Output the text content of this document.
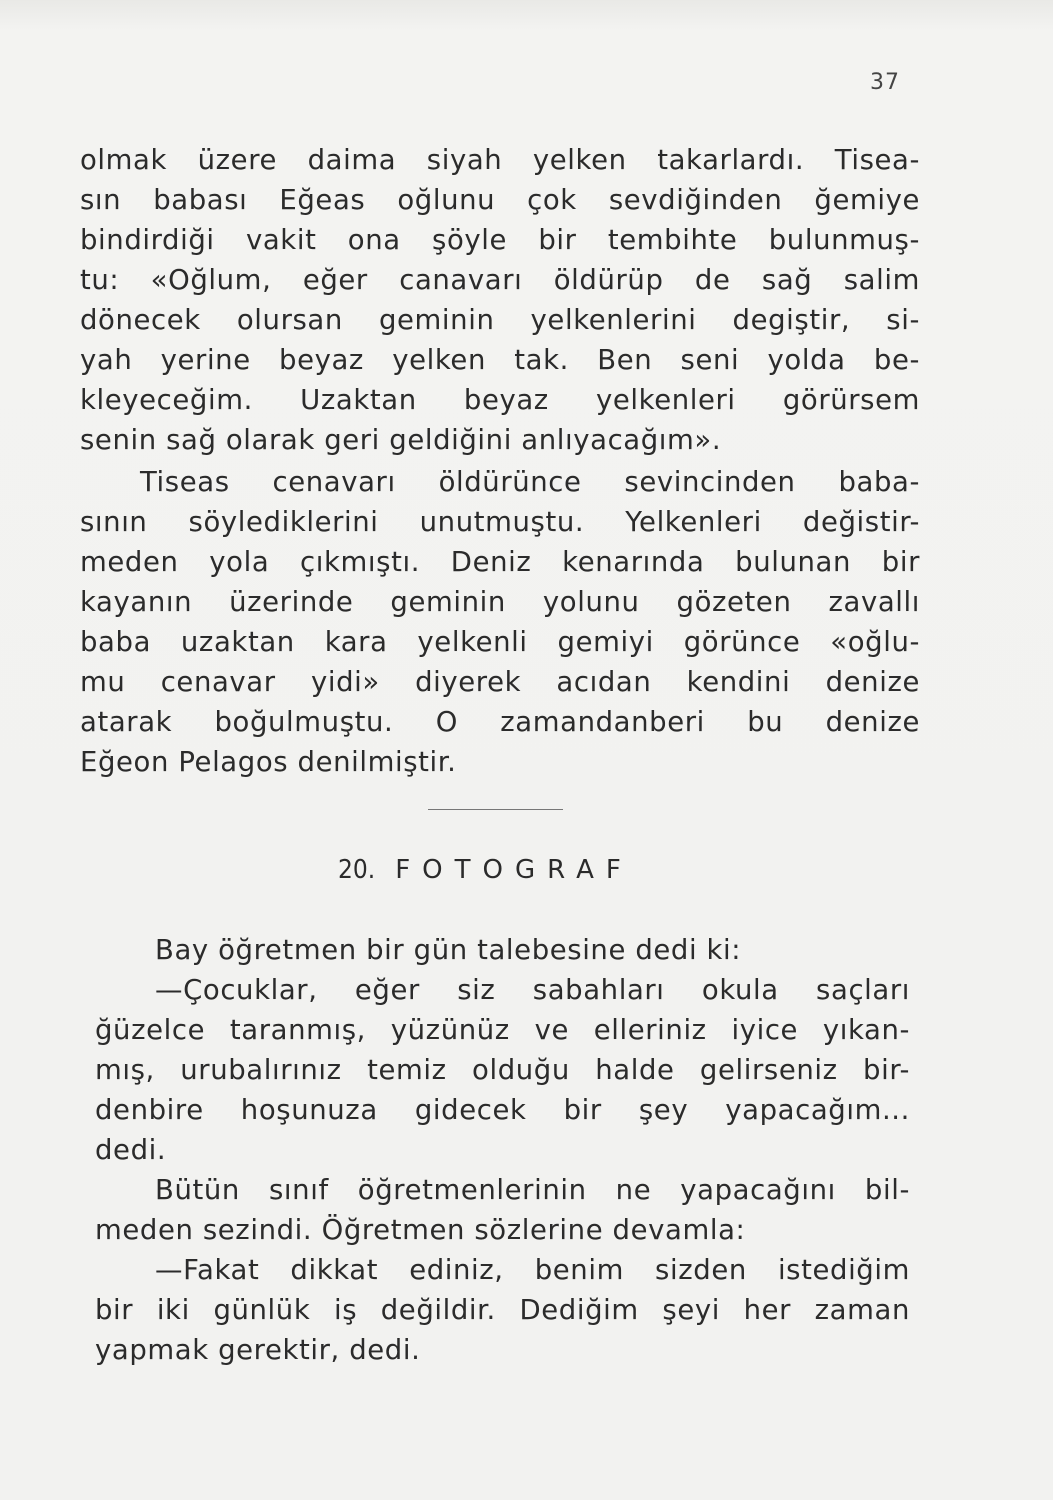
37
olmak üzere daima siyah yelken takarlardı. Tisea-
sın babası Eğeas oğlunu çok sevdiğinden ğemiye
bindirdiği vakit ona şöyle bir tembihte bulunmuş-
tu: «Oğlum, eğer canavarı öldürüp de sağ salim
dönecek olursan geminin yelkenlerini degiştir, si-
yah yerine beyaz yelken tak. Ben seni yolda be-
kleyeceğim. Uzaktan beyaz yelkenleri görürsem
senin sağ olarak geri geldiğini anlıyacağım».
Tiseas cenavarı öldürünce sevincinden baba-
sının söylediklerini unutmuştu. Yelkenleri değistir-
meden yola çıkmıştı. Deniz kenarında bulunan bir
kayanın üzerinde geminin yolunu gözeten zavallı
baba uzaktan kara yelkenli gemiyi görünce «oğlu-
mu cenavar yidi» diyerek acıdan kendini denize
atarak boğulmuştu. O zamandanberi bu denize
Eğeon Pelagos denilmiştir.
20. FOTOGRAF
Bay öğretmen bir gün talebesine dedi ki:
—Çocuklar, eğer siz sabahları okula saçları
ğüzelce taranmış, yüzünüz ve elleriniz iyice yıkan-
mış, urubalırınız temiz olduğu halde gelirseniz bir-
denbire hoşunuza gidecek bir şey yapacağım...
dedi.
Bütün sınıf öğretmenlerinin ne yapacağını bil-
meden sezindi. Öğretmen sözlerine devamla:
—Fakat dikkat ediniz, benim sizden istediğim
bir iki günlük iş değildir. Dediğim şeyi her zaman
yapmak gerektir, dedi.
